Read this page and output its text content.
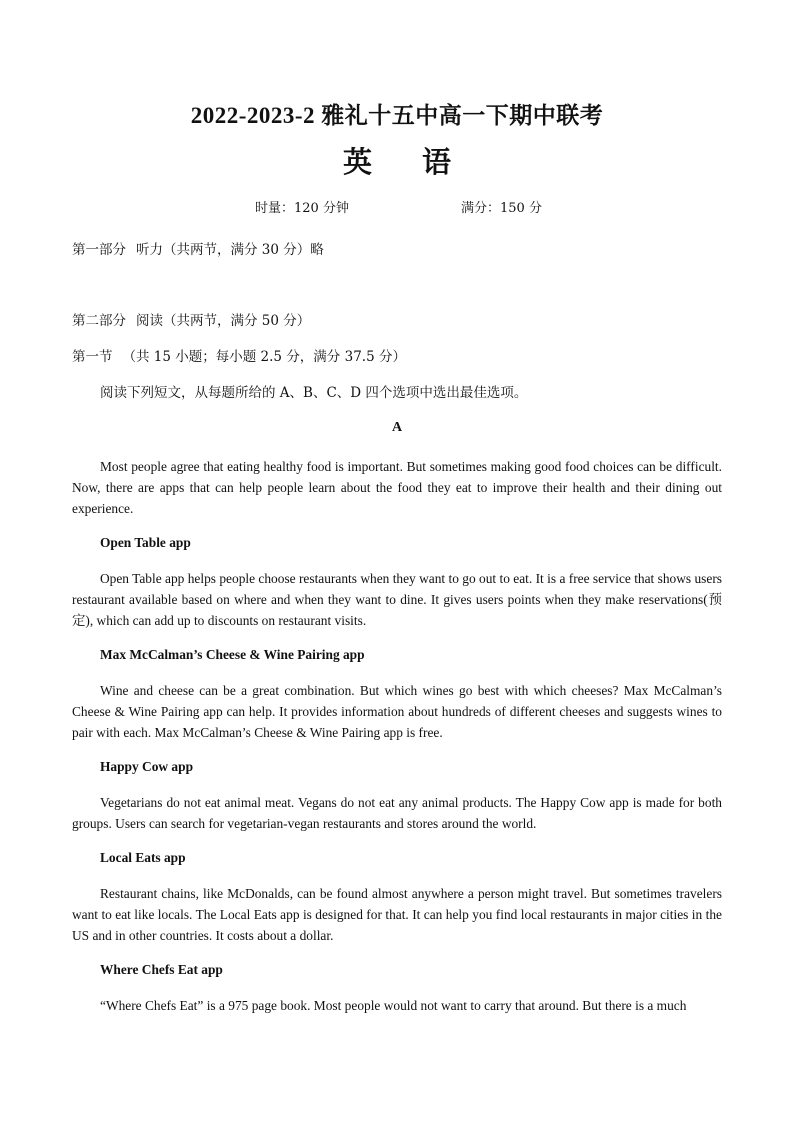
2022-2023-2 雅礼十五中高一下期中联考
英 语
时量：120 分钟	满分：150 分
第一部分 听力（共两节，满分 30 分）略
第二部分 阅读（共两节，满分 50 分）
第一节 （共 15 小题；每小题 2.5 分，满分 37.5 分）
阅读下列短文，从每题所给的 A、B、C、D 四个选项中选出最佳选项。
A

Most people agree that eating healthy food is important. But sometimes making good food choices can be difficult. Now, there are apps that can help people learn about the food they eat to improve their health and their dining out experience.

Open Table app

Open Table app helps people choose restaurants when they want to go out to eat. It is a free service that shows users restaurant available based on where and when they want to dine. It gives users points when they make reservations(预定), which can add up to discounts on restaurant visits.

Max McCalman’s Cheese & Wine Pairing app

Wine and cheese can be a great combination. But which wines go best with which cheeses? Max McCalman’s Cheese & Wine Pairing app can help. It provides information about hundreds of different cheeses and suggests wines to pair with each. Max McCalman’s Cheese & Wine Pairing app is free.

Happy Cow app

Vegetarians do not eat animal meat. Vegans do not eat any animal products. The Happy Cow app is made for both groups. Users can search for vegetarian-vegan restaurants and stores around the world.

Local Eats app

Restaurant chains, like McDonalds, can be found almost anywhere a person might travel. But sometimes travelers want to eat like locals. The Local Eats app is designed for that. It can help you find local restaurants in major cities in the US and in other countries. It costs about a dollar.

Where Chefs Eat app

“Where Chefs Eat” is a 975 page book. Most people would not want to carry that around. But there is a much
